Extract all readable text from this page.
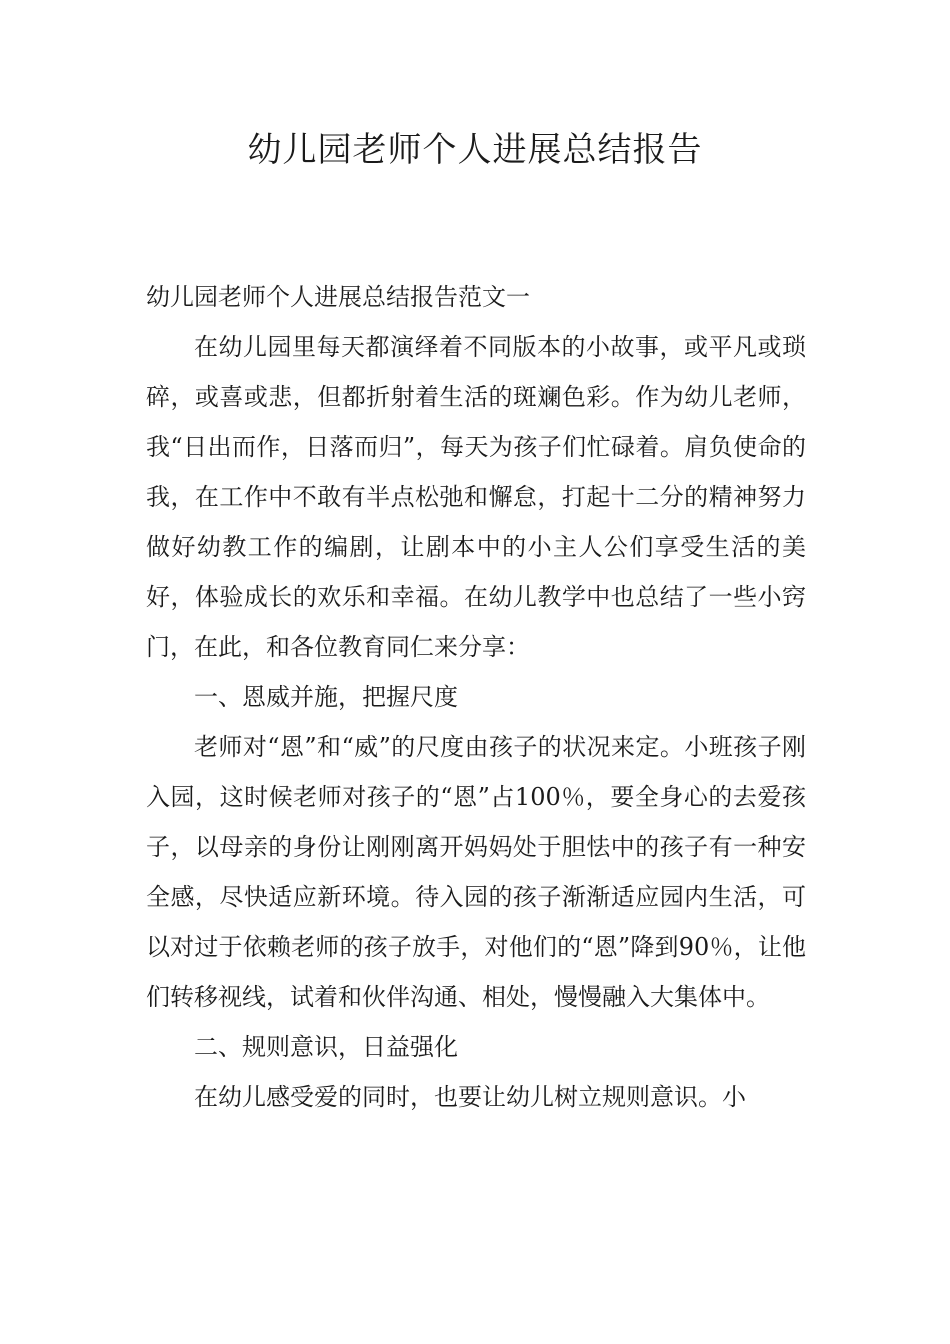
幼儿园老师个人进展总结报告

幼儿园老师个人进展总结报告范文一

在幼儿园里每天都演绎着不同版本的小故事，或平凡或琐碎，或喜或悲，但都折射着生活的斑斓色彩。作为幼儿老师，我“日出而作，日落而归”，每天为孩子们忙碌着。肩负使命的我，在工作中不敢有半点松弛和懈怠，打起十二分的精神努力做好幼教工作的编剧，让剧本中的小主人公们享受生活的美好，体验成长的欢乐和幸福。在幼儿教学中也总结了一些小窍门，在此，和各位教育同仁来分享：

一、恩威并施，把握尺度

老师对“恩”和“威”的尺度由孩子的状况来定。小班孩子刚入园，这时候老师对孩子的“恩”占100％，要全身心的去爱孩子，以母亲的身份让刚刚离开妈妈处于胆怯中的孩子有一种安全感，尽快适应新环境。待入园的孩子渐渐适应园内生活，可以对过于依赖老师的孩子放手，对他们的“恩”降到90％，让他们转移视线，试着和伙伴沟通、相处，慢慢融入大集体中。

二、规则意识，日益强化

在幼儿感受爱的同时，也要让幼儿树立规则意识。小
